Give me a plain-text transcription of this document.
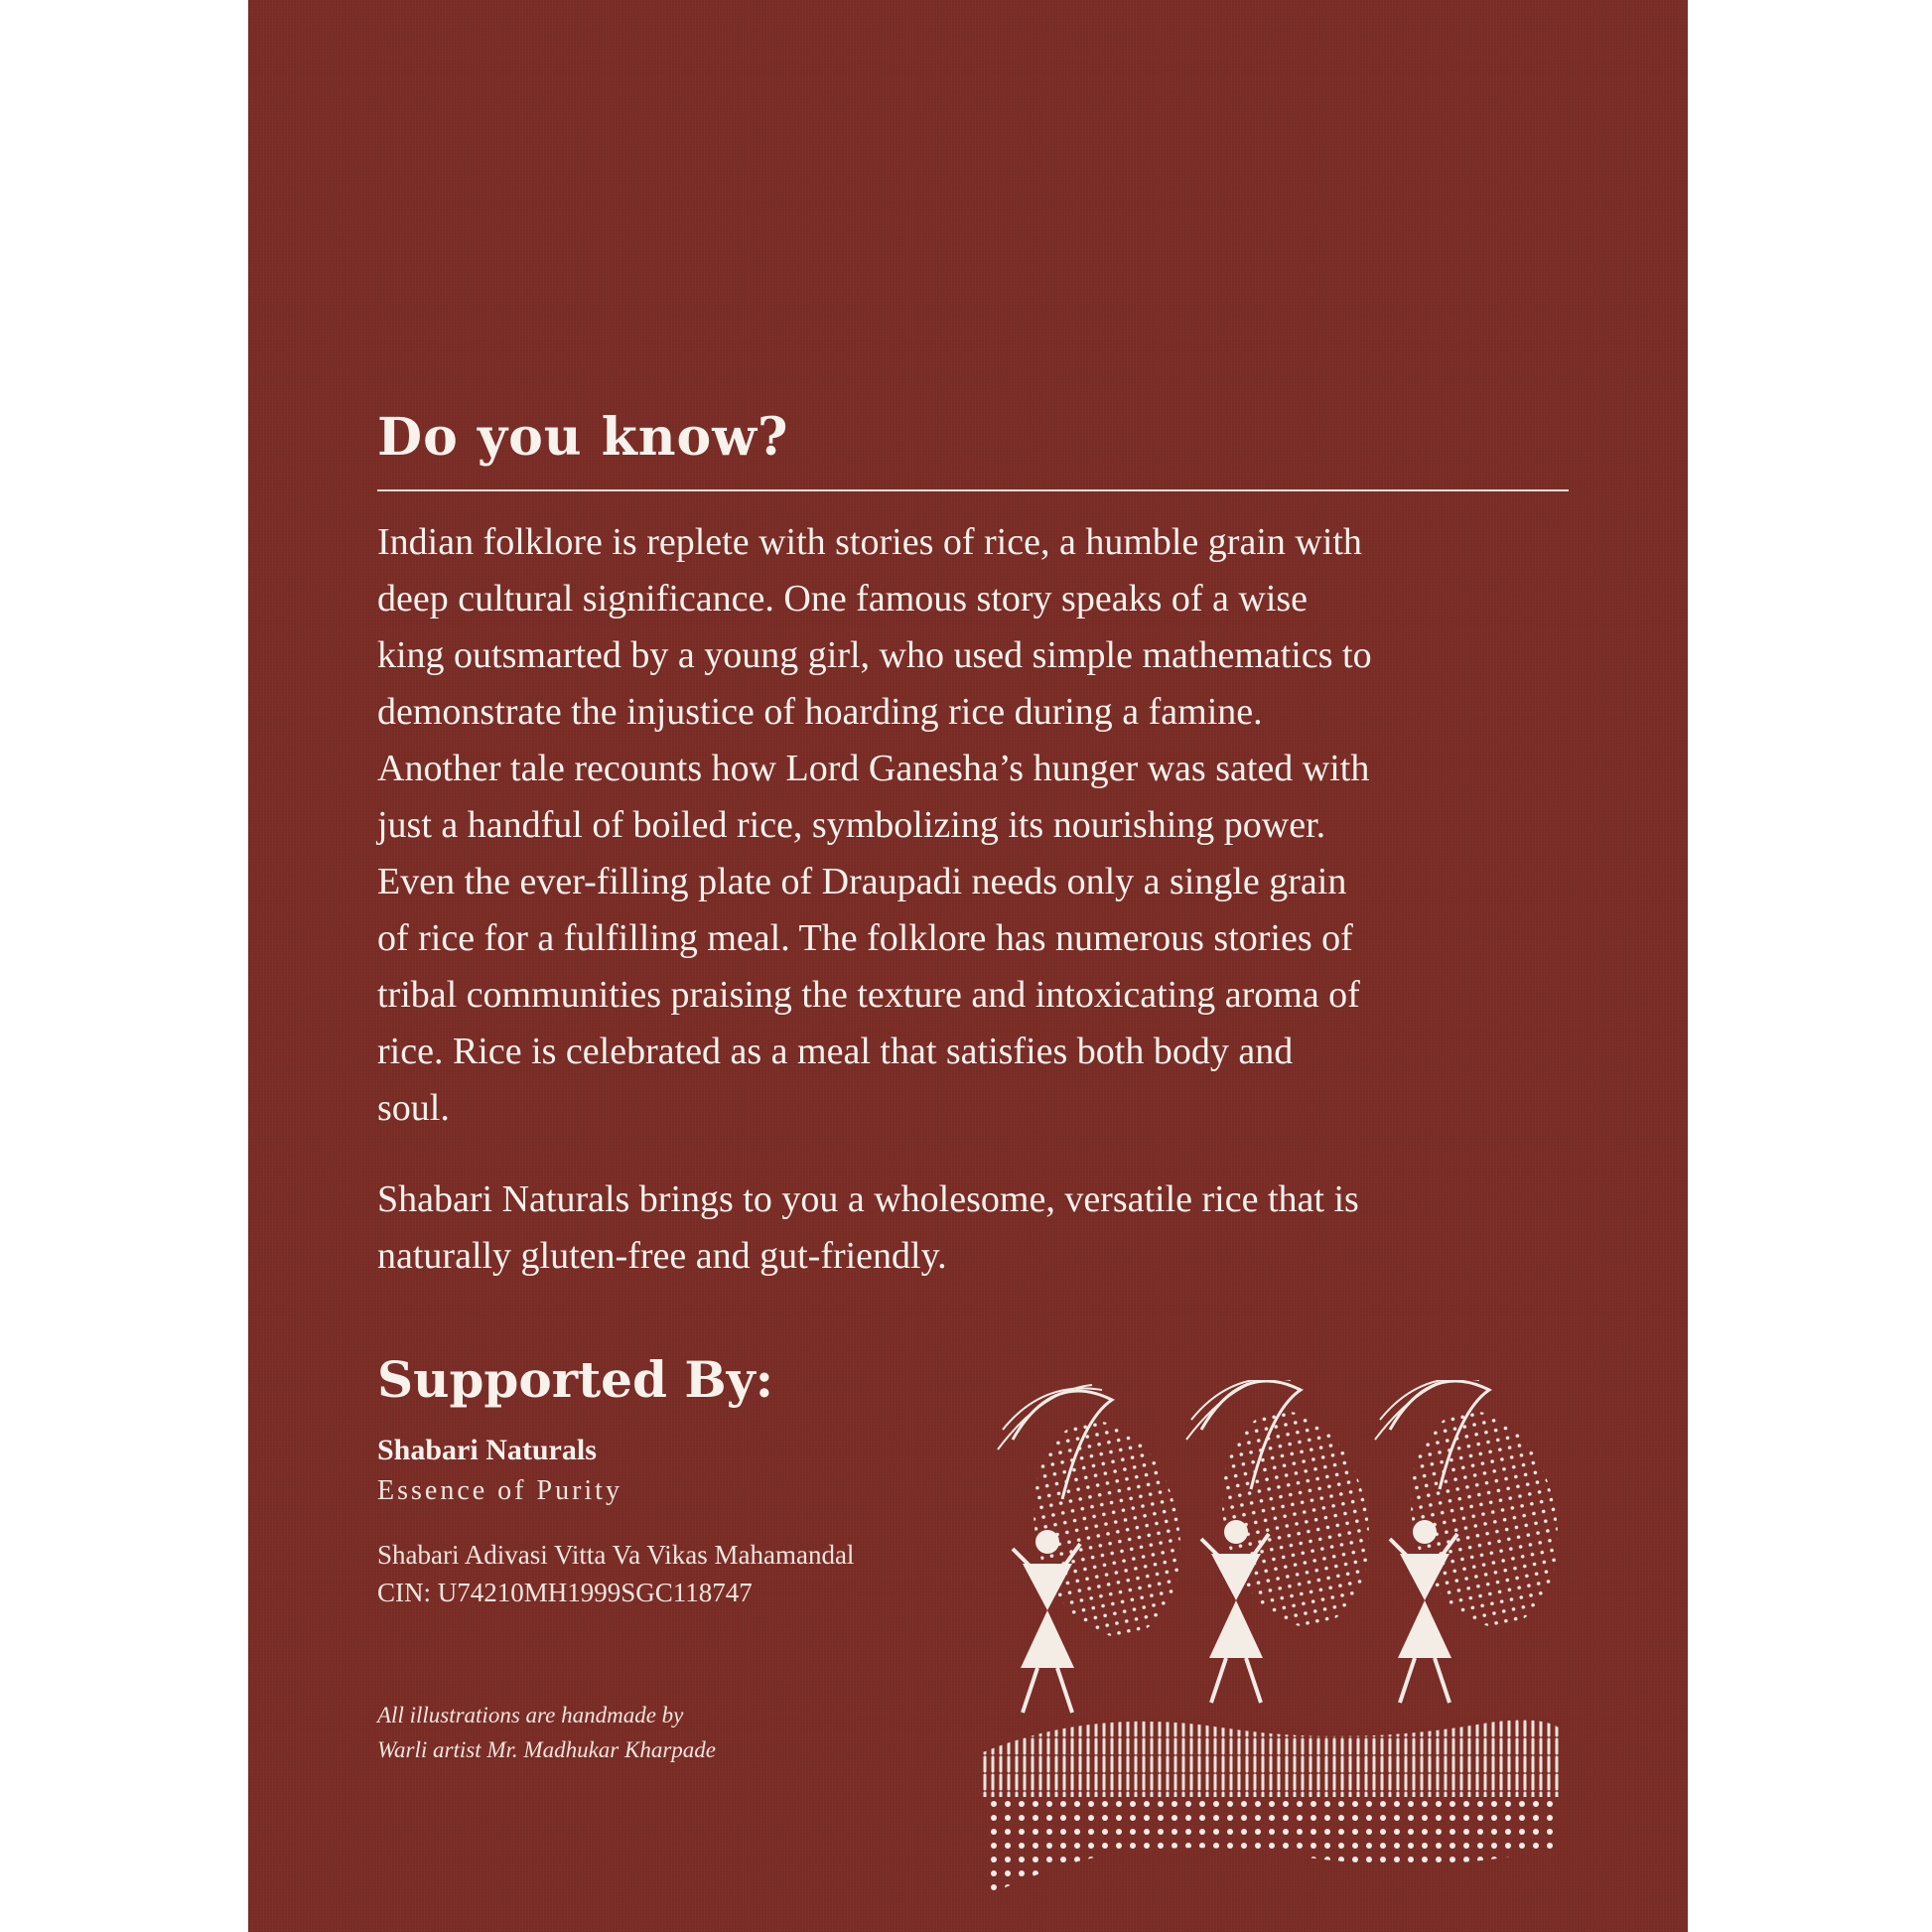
Do you know?
Indian folklore is replete with stories of rice, a humble grain with
deep cultural significance. One famous story speaks of a wise
king outsmarted by a young girl, who used simple mathematics to
demonstrate the injustice of hoarding rice during a famine.
Another tale recounts how Lord Ganesha’s hunger was sated with
just a handful of boiled rice, symbolizing its nourishing power.
Even the ever-filling plate of Draupadi needs only a single grain
of rice for a fulfilling meal. The folklore has numerous stories of
tribal communities praising the texture and intoxicating aroma of
rice. Rice is celebrated as a meal that satisfies both body and
soul.
Shabari Naturals brings to you a wholesome, versatile rice that is
naturally gluten-free and gut-friendly.
Supported By:
Shabari Naturals
Essence of Purity
Shabari Adivasi Vitta Va Vikas Mahamandal
CIN: U74210MH1999SGC118747
All illustrations are handmade by
Warli artist Mr. Madhukar Kharpade
